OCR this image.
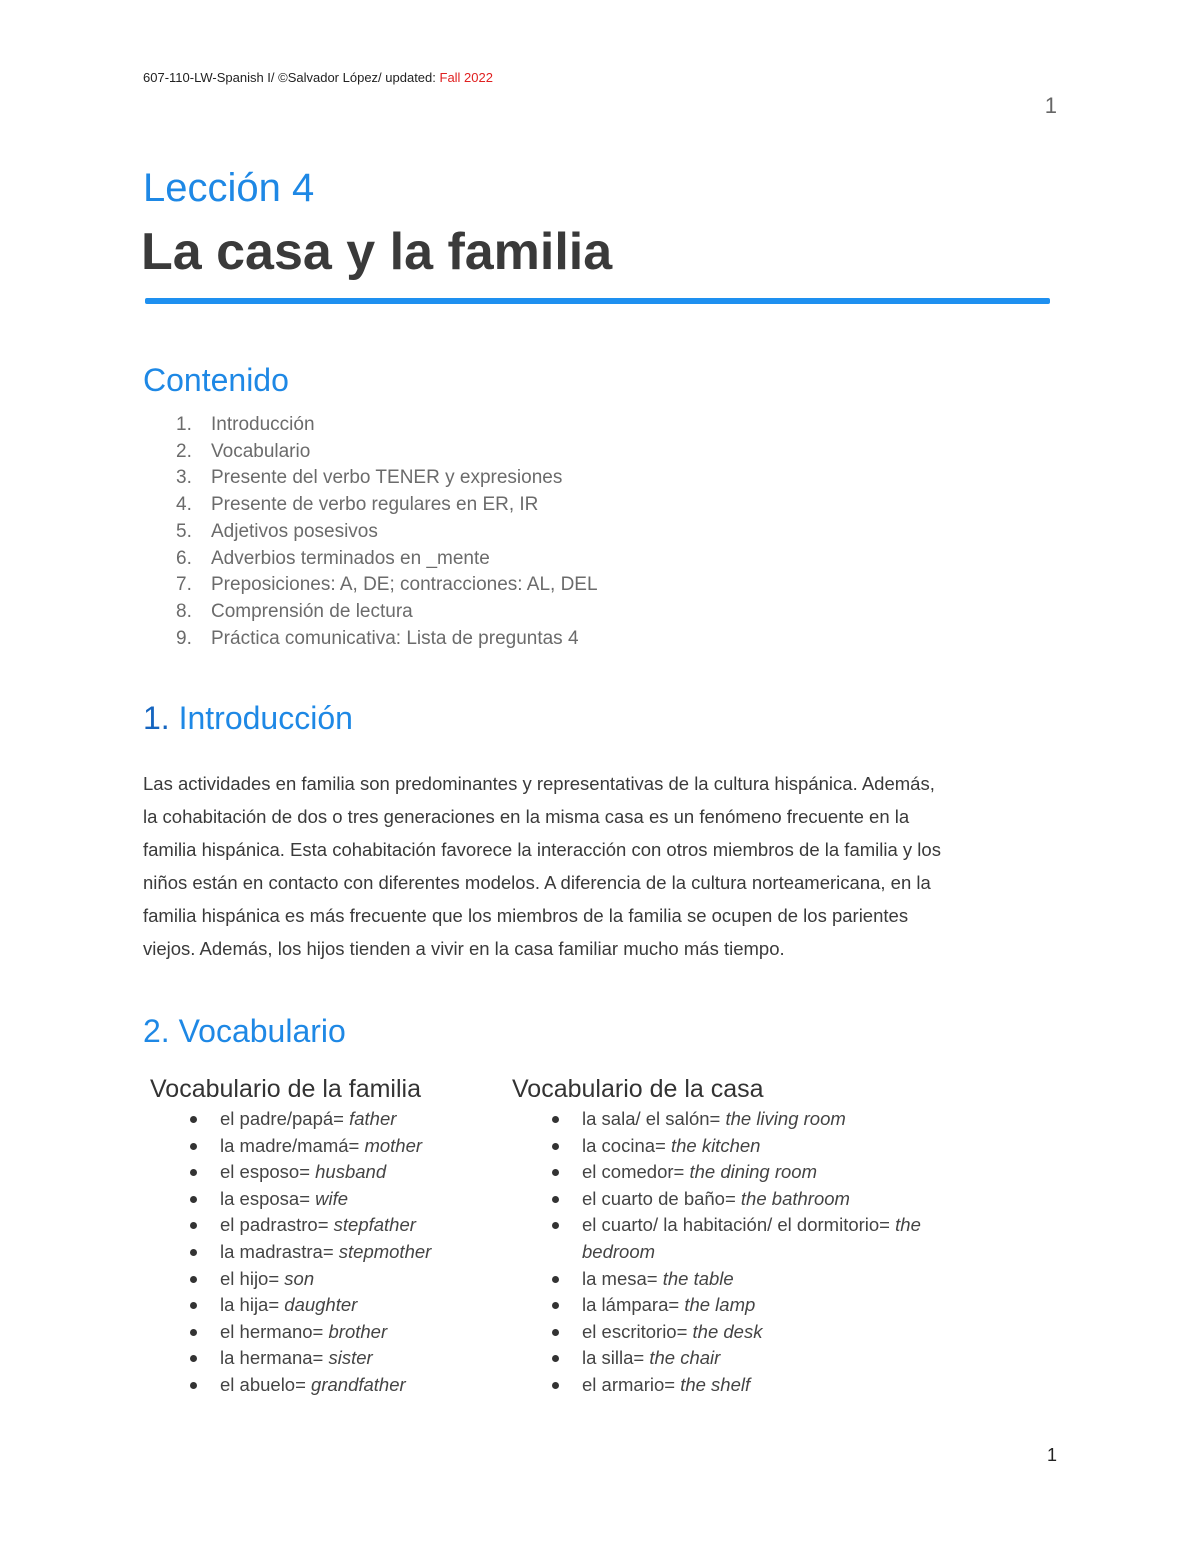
607-110-LW-Spanish I/ ©Salvador López/ updated: Fall 2022
1
Lección 4
La casa y la familia
Contenido
1.	Introducción
2.	Vocabulario
3.	Presente del verbo TENER y expresiones
4.	Presente de verbo regulares en ER, IR
5.	Adjetivos posesivos
6.	Adverbios terminados en _mente
7.	Preposiciones: A, DE; contracciones: AL, DEL
8.	Comprensión de lectura
9.	Práctica comunicativa: Lista de preguntas 4
1. Introducción

Las actividades en familia son predominantes y representativas de la cultura hispánica. Además,

la cohabitación de dos o tres generaciones en la misma casa es un fenómeno frecuente en la

familia hispánica. Esta cohabitación favorece la interacción con otros miembros de la familia y los

niños están en contacto con diferentes modelos. A diferencia de la cultura norteamericana, en la

familia hispánica es más frecuente que los miembros de la familia se ocupen de los parientes

viejos. Además, los hijos tienden a vivir en la casa familiar mucho más tiempo.

2. Vocabulario
Vocabulario de la familia
el padre/papá= father
la madre/mamá= mother
el esposo= husband
la esposa= wife
el padrastro= stepfather
la madrastra= stepmother
el hijo= son
la hija= daughter
el hermano= brother
la hermana= sister
el abuelo= grandfather
Vocabulario de la casa
la sala/ el salón= the living room
la cocina= the kitchen
el comedor= the dining room
el cuarto de baño= the bathroom
el cuarto/ la habitación/ el dormitorio= the bedroom
la mesa= the table
la lámpara= the lamp
el escritorio= the desk
la silla= the chair
el armario= the shelf
1
